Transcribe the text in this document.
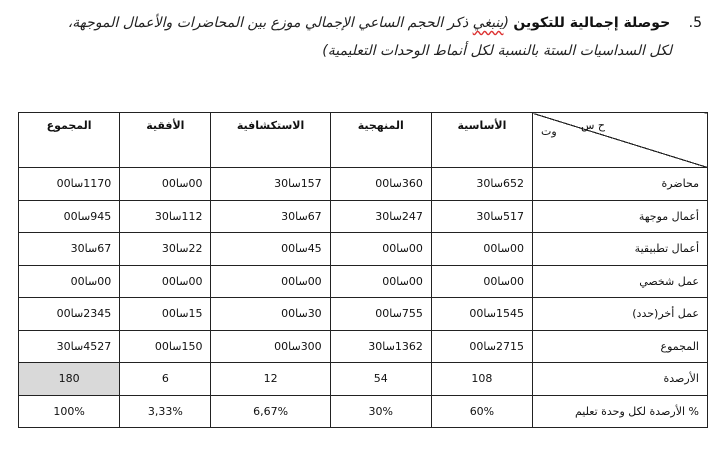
5. حوصلة إجمالية للتكوين (ينبغي ذكر الحجم الساعي الإجمالي موزع بين المحاضرات والأعمال الموجهة،
لكل السداسيات الستة بالنسبة لكل أنماط الوحدات التعليمية)
ح س
وت	الأساسية	المنهجية	الاستكشافية	الأفقية	المجموع
محاضرة	652سا30	360سا00	157سا30	00سا00	1170سا00
أعمال موجهة	517سا30	247سا30	67سا30	112سا30	945سا00
أعمال تطبيقية	00سا00	00سا00	45سا00	22سا30	67سا30
عمل شخصي	00سا00	00سا00	00سا00	00سا00	00سا00
عمل أخر(حدد)	1545سا00	755سا00	30سا00	15سا00	2345سا00
المجموع	2715سا00	1362سا30	300سا00	150سا00	4527سا30
الأرصدة	108	54	12	6	180
% الأرصدة لكل وحدة تعليم	60%	30%	6,67%	3,33%	100%
